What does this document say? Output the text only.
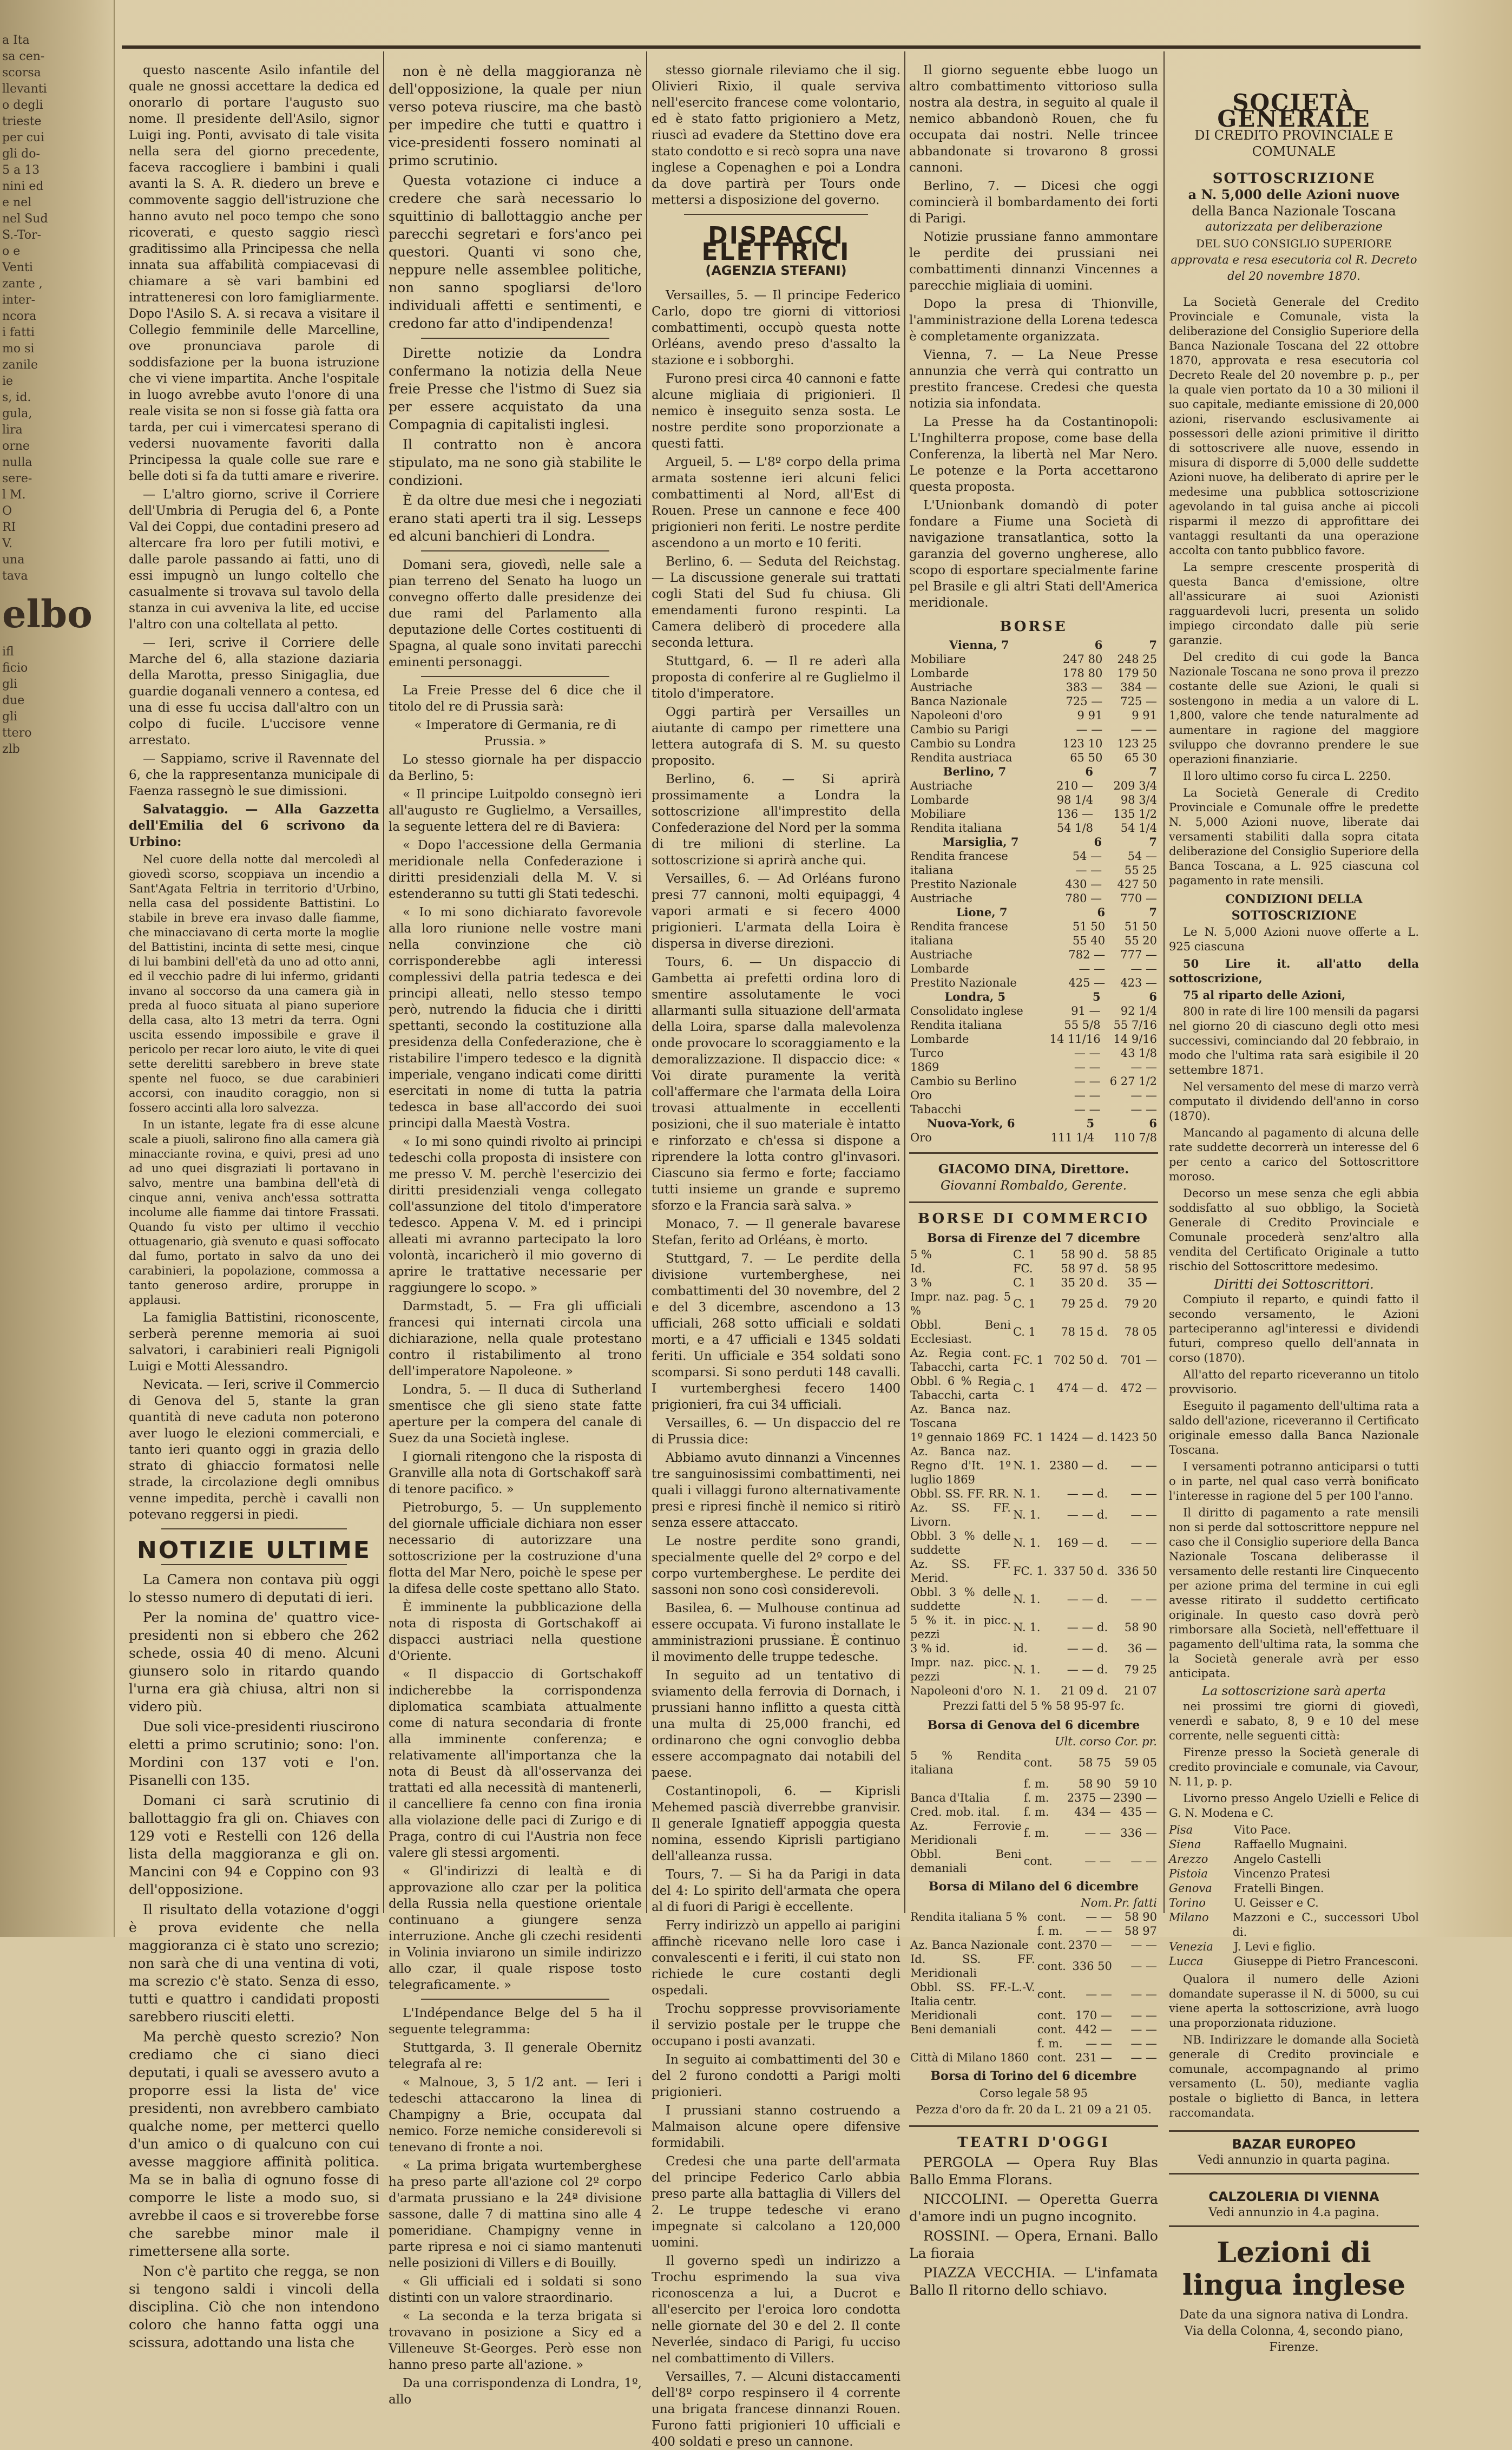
a Ita
sa cen-
scorsa
llevanti
o degli
trieste
per cui
gli do-
5 a 13
nini ed
e nel
nel Sud
S.-Tor-
o e
Venti
zante ,
inter-
ncora
i fatti
mo si
zanile
ie
s, id.
gula,
lira
orne
nulla
sere-
l M.
O
RI
V.
una
tava
elbo
ifl
ficio
gli
due
gli
ttero
zlb

questo nascente Asilo infantile del quale ne gnossi accettare la dedica ed onorarlo di portare l'augusto suo nome. Il presidente dell'Asilo, signor Luigi ing. Ponti, avvisato di tale visita nella sera del giorno precedente, faceva raccogliere i bambini i quali avanti la S. A. R. diedero un breve e commovente saggio dell'istruzione che hanno avuto nel poco tempo che sono ricoverati, e questo saggio riescì graditissimo alla Principessa che nella innata sua affabilità compiacevasi di chiamare a sè vari bambini ed intratteneresi con loro famigliarmente. Dopo l'Asilo S. A. si recava a visitare il Collegio femminile delle Marcelline, ove pronunciava parole di soddisfazione per la buona istruzione che vi viene impartita. Anche l'ospitale in luogo avrebbe avuto l'onore di una reale visita se non si fosse già fatta ora tarda, per cui i vimercatesi sperano di vedersi nuovamente favoriti dalla Principessa la quale colle sue rare e belle doti si fa da tutti amare e riverire.

— L'altro giorno, scrive il Corriere dell'Umbria di Perugia del 6, a Ponte Val dei Coppi, due contadini presero ad altercare fra loro per futili motivi, e dalle parole passando ai fatti, uno di essi impugnò un lungo coltello che casualmente si trovava sul tavolo della stanza in cui avveniva la lite, ed uccise l'altro con una coltellata al petto.

— Ieri, scrive il Corriere delle Marche del 6, alla stazione daziaria della Marotta, presso Sinigaglia, due guardie doganali vennero a contesa, ed una di esse fu uccisa dall'altro con un colpo di fucile. L'uccisore venne arrestato.

— Sappiamo, scrive il Ravennate del 6, che la rappresentanza municipale di Faenza rassegnò le sue dimissioni.

Salvataggio. — Alla Gazzetta dell'Emilia del 6 scrivono da Urbino:

Nel cuore della notte dal mercoledì al giovedì scorso, scoppiava un incendio a Sant'Agata Feltria in territorio d'Urbino, nella casa del possidente Battistini. Lo stabile in breve era invaso dalle fiamme, che minacciavano di certa morte la moglie del Battistini, incinta di sette mesi, cinque di lui bambini dell'età da uno ad otto anni, ed il vecchio padre di lui infermo, gridanti invano al soccorso da una camera già in preda al fuoco situata al piano superiore della casa, alto 13 metri da terra. Ogni uscita essendo impossibile e grave il pericolo per recar loro aiuto, le vite di quei sette derelitti sarebbero in breve state spente nel fuoco, se due carabinieri accorsi, con inaudito coraggio, non si fossero accinti alla loro salvezza.

In un istante, legate fra di esse alcune scale a piuoli, salirono fino alla camera già minacciante rovina, e quivi, presi ad uno ad uno quei disgraziati li portavano in salvo, mentre una bambina dell'età di cinque anni, veniva anch'essa sottratta incolume alle fiamme dai tintore Frassati. Quando fu visto per ultimo il vecchio ottuagenario, già svenuto e quasi soffocato dal fumo, portato in salvo da uno dei carabinieri, la popolazione, commossa a tanto generoso ardire, proruppe in applausi.

La famiglia Battistini, riconoscente, serberà perenne memoria ai suoi salvatori, i carabinieri reali Pignigoli Luigi e Motti Alessandro.

Nevicata. — Ieri, scrive il Commercio di Genova del 5, stante la gran quantità di neve caduta non poterono aver luogo le elezioni commerciali, e tanto ieri quanto oggi in grazia dello strato di ghiaccio formatosi nelle strade, la circolazione degli omnibus venne impedita, perchè i cavalli non potevano reggersi in piedi.

NOTIZIE ULTIME

La Camera non contava più oggi lo stesso numero di deputati di ieri.

Per la nomina de' quattro vice-presidenti non si ebbero che 262 schede, ossia 40 di meno. Alcuni giunsero solo in ritardo quando l'urna era già chiusa, altri non si videro più.

Due soli vice-presidenti riuscirono eletti a primo scrutinio; sono: l'on. Mordini con 137 voti e l'on. Pisanelli con 135.

Domani ci sarà scrutinio di ballottaggio fra gli on. Chiaves con 129 voti e Restelli con 126 della lista della maggioranza e gli on. Mancini con 94 e Coppino con 93 dell'opposizione.

Il risultato della votazione d'oggi è prova evidente che nella maggioranza ci è stato uno screzio; non sarà che di una ventina di voti, ma screzio c'è stato. Senza di esso, tutti e quattro i candidati proposti sarebbero riusciti eletti.

Ma perchè questo screzio? Non crediamo che ci siano dieci deputati, i quali se avessero avuto a proporre essi la lista de' vice presidenti, non avrebbero cambiato qualche nome, per metterci quello d'un amico o di qualcuno con cui avesse maggiore affinità politica. Ma se in balìa di ognuno fosse di comporre le liste a modo suo, si avrebbe il caos e si troverebbe forse che sarebbe minor male il rimettersene alla sorte.

Non c'è partito che regga, se non si tengono saldi i vincoli della disciplina. Ciò che non intendono coloro che hanno fatta oggi una scissura, adottando una lista che

non è nè della maggioranza nè dell'opposizione, la quale per niun verso poteva riuscire, ma che bastò per impedire che tutti e quattro i vice-presidenti fossero nominati al primo scrutinio.

Questa votazione ci induce a credere che sarà necessario lo squittinio di ballottaggio anche per parecchi segretari e fors'anco pei questori. Quanti vi sono che, neppure nelle assemblee politiche, non sanno spogliarsi de'loro individuali affetti e sentimenti, e credono far atto d'indipendenza!

Dirette notizie da Londra confermano la notizia della Neue freie Presse che l'istmo di Suez sia per essere acquistato da una Compagnia di capitalisti inglesi.

Il contratto non è ancora stipulato, ma ne sono già stabilite le condizioni.

È da oltre due mesi che i negoziati erano stati aperti tra il sig. Lesseps ed alcuni banchieri di Londra.

Domani sera, giovedì, nelle sale a pian terreno del Senato ha luogo un convegno offerto dalle presidenze dei due rami del Parlamento alla deputazione delle Cortes costituenti di Spagna, al quale sono invitati parecchi eminenti personaggi.

La Freie Presse del 6 dice che il titolo del re di Prussia sarà:

« Imperatore di Germania, re di Prussia. »

Lo stesso giornale ha per dispaccio da Berlino, 5:

« Il principe Luitpoldo consegnò ieri all'augusto re Guglielmo, a Versailles, la seguente lettera del re di Baviera:

« Dopo l'accessione della Germania meridionale nella Confederazione i diritti presidenziali della M. V. si estenderanno su tutti gli Stati tedeschi.

« Io mi sono dichiarato favorevole alla loro riunione nelle vostre mani nella convinzione che ciò corrisponderebbe agli interessi complessivi della patria tedesca e dei principi alleati, nello stesso tempo però, nutrendo la fiducia che i diritti spettanti, secondo la costituzione alla presidenza della Confederazione, che è ristabilire l'impero tedesco e la dignità imperiale, vengano indicati come diritti esercitati in nome di tutta la patria tedesca in base all'accordo dei suoi principi dalla Maestà Vostra.

« Io mi sono quindi rivolto ai principi tedeschi colla proposta di insistere con me presso V. M. perchè l'esercizio dei diritti presidenziali venga collegato coll'assunzione del titolo d'imperatore tedesco. Appena V. M. ed i principi alleati mi avranno partecipato la loro volontà, incaricherò il mio governo di aprire le trattative necessarie per raggiungere lo scopo. »

Darmstadt, 5. — Fra gli ufficiali francesi qui internati circola una dichiarazione, nella quale protestano contro il ristabilimento al trono dell'imperatore Napoleone. »

Londra, 5. — Il duca di Sutherland smentisce che gli sieno state fatte aperture per la compera del canale di Suez da una Società inglese.

I giornali ritengono che la risposta di Granville alla nota di Gortschakoff sarà di tenore pacifico. »

Pietroburgo, 5. — Un supplemento del giornale ufficiale dichiara non esser necessario di autorizzare una sottoscrizione per la costruzione d'una flotta del Mar Nero, poichè le spese per la difesa delle coste spettano allo Stato.

È imminente la pubblicazione della nota di risposta di Gortschakoff ai dispacci austriaci nella questione d'Oriente.

« Il dispaccio di Gortschakoff indicherebbe la corrispondenza diplomatica scambiata attualmente come di natura secondaria di fronte alla imminente conferenza; e relativamente all'importanza che la nota di Beust dà all'osservanza dei trattati ed alla necessità di mantenerli, il cancelliere fa cenno con fina ironia alla violazione delle paci di Zurigo e di Praga, contro di cui l'Austria non fece valere gli stessi argomenti.

« Gl'indirizzi di lealtà e di approvazione allo czar per la politica della Russia nella questione orientale continuano a giungere senza interruzione. Anche gli czechi residenti in Volinia inviarono un simile indirizzo allo czar, il quale rispose tosto telegraficamente. »

L'Indépendance Belge del 5 ha il seguente telegramma:

Stuttgarda, 3. Il generale Obernitz telegrafa al re:

« Malnoue, 3, 5 1/2 ant. — Ieri i tedeschi attaccarono la linea di Champigny a Brie, occupata dal nemico. Forze nemiche considerevoli si tenevano di fronte a noi.

« La prima brigata wurtemberghese ha preso parte all'azione col 2º corpo d'armata prussiano e la 24ª divisione sassone, dalle 7 di mattina sino alle 4 pomeridiane. Champigny venne in parte ripresa e noi ci siamo mantenuti nelle posizioni di Villers e di Bouilly.

« Gli ufficiali ed i soldati si sono distinti con un valore straordinario.

« La seconda e la terza brigata si trovavano in posizione a Sicy ed a Villeneuve St-Georges. Però esse non hanno preso parte all'azione. »

Da una corrispondenza di Londra, 1º, allo

stesso giornale rileviamo che il sig. Olivieri Rixio, il quale serviva nell'esercito francese come volontario, ed è stato fatto prigioniero a Metz, riuscì ad evadere da Stettino dove era stato condotto e si recò sopra una nave inglese a Copenaghen e poi a Londra da dove partirà per Tours onde mettersi a disposizione del governo.

DISPACCI ELETTRICI
(AGENZIA STEFANI)

Versailles, 5. — Il principe Federico Carlo, dopo tre giorni di vittoriosi combattimenti, occupò questa notte Orléans, avendo preso d'assalto la stazione e i sobborghi.

Furono presi circa 40 cannoni e fatte alcune migliaia di prigionieri. Il nemico è inseguito senza sosta. Le nostre perdite sono proporzionate a questi fatti.

Argueil, 5. — L'8º corpo della prima armata sostenne ieri alcuni felici combattimenti al Nord, all'Est di Rouen. Prese un cannone e fece 400 prigionieri non feriti. Le nostre perdite ascendono a un morto e 10 feriti.

Berlino, 6. — Seduta del Reichstag. — La discussione generale sui trattati cogli Stati del Sud fu chiusa. Gli emendamenti furono respinti. La Camera deliberò di procedere alla seconda lettura.

Stuttgard, 6. — Il re aderì alla proposta di conferire al re Guglielmo il titolo d'imperatore.

Oggi partirà per Versailles un aiutante di campo per rimettere una lettera autografa di S. M. su questo proposito.

Berlino, 6. — Si aprirà prossimamente a Londra la sottoscrizione all'imprestito della Confederazione del Nord per la somma di tre milioni di sterline. La sottoscrizione si aprirà anche qui.

Versailles, 6. — Ad Orléans furono presi 77 cannoni, molti equipaggi, 4 vapori armati e si fecero 4000 prigionieri. L'armata della Loira è dispersa in diverse direzioni.

Tours, 6. — Un dispaccio di Gambetta ai prefetti ordina loro di smentire assolutamente le voci allarmanti sulla situazione dell'armata della Loira, sparse dalla malevolenza onde provocare lo scoraggiamento e la demoralizzazione. Il dispaccio dice: « Voi dirate puramente la verità coll'affermare che l'armata della Loira trovasi attualmente in eccellenti posizioni, che il suo materiale è intatto e rinforzato e ch'essa si dispone a riprendere la lotta contro gl'invasori. Ciascuno sia fermo e forte; facciamo tutti insieme un grande e supremo sforzo e la Francia sarà salva. »

Monaco, 7. — Il generale bavarese Stefan, ferito ad Orléans, è morto.

Stuttgard, 7. — Le perdite della divisione vurtemberghese, nei combattimenti del 30 novembre, del 2 e del 3 dicembre, ascendono a 13 ufficiali, 268 sotto ufficiali e soldati morti, e a 47 ufficiali e 1345 soldati feriti. Un ufficiale e 354 soldati sono scomparsi. Si sono perduti 148 cavalli. I vurtemberghesi fecero 1400 prigionieri, fra cui 34 ufficiali.

Versailles, 6. — Un dispaccio del re di Prussia dice:

Abbiamo avuto dinnanzi a Vincennes tre sanguinosissimi combattimenti, nei quali i villaggi furono alternativamente presi e ripresi finchè il nemico si ritirò senza essere attaccato.

Le nostre perdite sono grandi, specialmente quelle del 2º corpo e del corpo vurtemberghese. Le perdite dei sassoni non sono così considerevoli.

Basilea, 6. — Mulhouse continua ad essere occupata. Vi furono installate le amministrazioni prussiane. È continuo il movimento delle truppe tedesche.

In seguito ad un tentativo di sviamento della ferrovia di Dornach, i prussiani hanno inflitto a questa città una multa di 25,000 franchi, ed ordinarono che ogni convoglio debba essere accompagnato dai notabili del paese.

Costantinopoli, 6. — Kiprisli Mehemed pascià diverrebbe granvisir. Il generale Ignatieff appoggia questa nomina, essendo Kiprisli partigiano dell'alleanza russa.

Tours, 7. — Si ha da Parigi in data del 4: Lo spirito dell'armata che opera al di fuori di Parigi è eccellente.

Ferry indirizzò un appello ai parigini affinchè ricevano nelle loro case i convalescenti e i feriti, il cui stato non richiede le cure costanti degli ospedali.

Trochu soppresse provvisoriamente il servizio postale per le truppe che occupano i posti avanzati.

In seguito ai combattimenti del 30 e del 2 furono condotti a Parigi molti prigionieri.

I prussiani stanno costruendo a Malmaison alcune opere difensive formidabili.

Credesi che una parte dell'armata del principe Federico Carlo abbia preso parte alla battaglia di Villers del 2. Le truppe tedesche vi erano impegnate si calcolano a 120,000 uomini.

Il governo spedì un indirizzo a Trochu esprimendo la sua viva riconoscenza a lui, a Ducrot e all'esercito per l'eroica loro condotta nelle giornate del 30 e del 2. Il conte Neverlée, sindaco di Parigi, fu ucciso nel combattimento di Villers.

Versailles, 7. — Alcuni distaccamenti dell'8º corpo respinsero il 4 corrente una brigata francese dinnanzi Rouen. Furono fatti prigionieri 10 ufficiali e 400 soldati e preso un cannone.

Il giorno seguente ebbe luogo un altro combattimento vittorioso sulla nostra ala destra, in seguito al quale il nemico abbandonò Rouen, che fu occupata dai nostri. Nelle trincee abbandonate si trovarono 8 grossi cannoni.

Berlino, 7. — Dicesi che oggi comincierà il bombardamento dei forti di Parigi.

Notizie prussiane fanno ammontare le perdite dei prussiani nei combattimenti dinnanzi Vincennes a parecchie migliaia di uomini.

Dopo la presa di Thionville, l'amministrazione della Lorena tedesca è completamente organizzata.

Vienna, 7. — La Neue Presse annunzia che verrà qui contratto un prestito francese. Credesi che questa notizia sia infondata.

La Presse ha da Costantinopoli: L'Inghilterra propose, come base della Conferenza, la libertà nel Mar Nero. Le potenze e la Porta accettarono questa proposta.

L'Unionbank domandò di poter fondare a Fiume una Società di navigazione transatlantica, sotto la garanzia del governo ungherese, allo scopo di esportare specialmente farine pel Brasile e gli altri Stati dell'America meridionale.

BORSE
Vienna, 7	6	7
Mobiliare	247 80	248 25
Lombarde	178 80	179 50
Austriache	383 —	384 —
Banca Nazionale	725 —	725 —
Napoleoni d'oro	9 91	9 91
Cambio su Parigi	— —	— —
Cambio su Londra	123 10	123 25
Rendita austriaca	65 50	65 30
Berlino, 7	6	7
Austriache	210 —	209 3/4
Lombarde	98 1/4	98 3/4
Mobiliare	136 —	135 1/2
Rendita italiana	54 1/8	54 1/4
Marsiglia, 7	6	7
Rendita francese	54 —	54 —
italiana	— —	55 25
Prestito Nazionale	430 —	427 50
Austriache	780 —	770 —
Lione, 7	6	7
Rendita francese	51 50	51 50
italiana	55 40	55 20
Austriache	782 —	777 —
Lombarde	— —	— —
Prestito Nazionale	425 —	423 —
Londra, 5	5	6
Consolidato inglese	91 —	92 1/4
Rendita italiana	55 5/8	55 7/16
Lombarde	14 11/16	14 9/16
Turco	— —	43 1/8
1869	— —	— —
Cambio su Berlino	— —	6 27 1/2
Oro	— —	— —
Tabacchi	— —	— —
Nuova-York, 6	5	6
Oro	111 1/4	110 7/8
GIACOMO DINA, Direttore.
Giovanni Rombaldo, Gerente.
BORSE DI COMMERCIO
Borsa di Firenze del 7 dicembre
5 %	C. 1	58 90 d.	58 85
Id.	FC.	58 97 d.	58 95
3 %	C. 1	35 20 d.	35 —
Impr. naz. pag. 5 %	C. 1	79 25 d.	79 20
Obbl. Beni Ecclesiast.	C. 1	78 15 d.	78 05
Az. Regia cont. Tabacchi, carta	FC. 1	702 50 d.	701 —
Obbl. 6 % Regia Tabacchi, carta	C. 1	474 — d.	472 —
Az. Banca naz. Toscana			
1º gennaio 1869	FC. 1	1424 — d.	1423 50
Az. Banca naz. Regno d'It. 1º luglio 1869	N. 1.	2380 — d.	— —
Obbl. SS. FF. RR.	N. 1.	— — d.	— —
Az. SS. FF. Livorn.	N. 1.	— — d.	— —
Obbl. 3 % delle suddette	N. 1.	169 — d.	— —
Az. SS. FF. Merid.	FC. 1.	337 50 d.	336 50
Obbl. 3 % delle suddette	N. 1.	— — d.	— —
5 % it. in picc. pezzi	N. 1.	— — d.	58 90
3 % id.	id.	— — d.	36 —
Impr. naz. picc. pezzi	N. 1.	— — d.	79 25
Napoleoni d'oro	N. 1.	21 09 d.	21 07
Prezzi fatti del 5 % 58 95-97 fc.
Borsa di Genova del 6 dicembre
		Ult. corso	Cor. pr.
5 % Rendita italiana	cont.	58 75	59 05
	f. m.	58 90	59 10
Banca d'Italia	f. m.	2375 —	2390 —
Cred. mob. ital.	f. m.	434 —	435 —
Az. Ferrovie Meridionali	f. m.	— —	336 —
Obbl. Beni demaniali	cont.	— —	— —
Borsa di Milano del 6 dicembre
		Nom.	Pr. fatti
Rendita italiana 5 %	cont.	— —	58 90
	f. m.	— —	58 97
Az. Banca Nazionale	cont.	2370 —	— —
Id. SS. FF. Meridionali	cont.	336 50	— —
Obbl. SS. FF.-L.-V. Italia centr.	cont.	— —	— —
Meridionali	cont.	170 —	— —
Beni demaniali	cont.	442 —	— —
	f. m.	— —	— —
Città di Milano 1860	cont.	231 —	— —
Borsa di Torino del 6 dicembre
Corso legale 58 95
Pezza d'oro da fr. 20 da L. 21 09 a 21 05.
TEATRI D'OGGI

PERGOLA — Opera Ruy Blas Ballo Emma Florans.

NICCOLINI. — Operetta Guerra d'amore indi un pugno incognito.

ROSSINI. — Opera, Ernani. Ballo La fioraia

PIAZZA VECCHIA. — L'infamata Ballo Il ritorno dello schiavo.

SOCIETÀ GENERALE
DI CREDITO PROVINCIALE E COMUNALE
SOTTOSCRIZIONE
a N. 5,000 delle Azioni nuove
della Banca Nazionale Toscana
autorizzata per deliberazione
DEL SUO CONSIGLIO SUPERIORE
approvata e resa esecutoria col R. Decreto del 20 novembre 1870.

La Società Generale del Credito Provinciale e Comunale, vista la deliberazione del Consiglio Superiore della Banca Nazionale Toscana del 22 ottobre 1870, approvata e resa esecutoria col Decreto Reale del 20 novembre p. p., per la quale vien portato da 10 a 30 milioni il suo capitale, mediante emissione di 20,000 azioni, riservando esclusivamente ai possessori delle azioni primitive il diritto di sottoscrivere alle nuove, essendo in misura di disporre di 5,000 delle suddette Azioni nuove, ha deliberato di aprire per le medesime una pubblica sottoscrizione agevolando in tal guisa anche ai piccoli risparmi il mezzo di approfittare dei vantaggi resultanti da una operazione accolta con tanto pubblico favore.

La sempre crescente prosperità di questa Banca d'emissione, oltre all'assicurare ai suoi Azionisti ragguardevoli lucri, presenta un solido impiego circondato dalle più serie garanzie.

Del credito di cui gode la Banca Nazionale Toscana ne sono prova il prezzo costante delle sue Azioni, le quali si sostengono in media a un valore di L. 1,800, valore che tende naturalmente ad aumentare in ragione del maggiore sviluppo che dovranno prendere le sue operazioni finanziarie.

Il loro ultimo corso fu circa L. 2250.

La Società Generale di Credito Provinciale e Comunale offre le predette N. 5,000 Azioni nuove, liberate dai versamenti stabiliti dalla sopra citata deliberazione del Consiglio Superiore della Banca Toscana, a L. 925 ciascuna col pagamento in rate mensili.

CONDIZIONI DELLA SOTTOSCRIZIONE

Le N. 5,000 Azioni nuove offerte a L. 925 ciascuna

50 Lire it. all'atto della sottoscrizione,

75 al riparto delle Azioni,

800 in rate di lire 100 mensili da pagarsi nel giorno 20 di ciascuno degli otto mesi successivi, cominciando dal 20 febbraio, in modo che l'ultima rata sarà esigibile il 20 settembre 1871.

Nel versamento del mese di marzo verrà computato il dividendo dell'anno in corso (1870).

Mancando al pagamento di alcuna delle rate suddette decorrerà un interesse del 6 per cento a carico del Sottoscrittore moroso.

Decorso un mese senza che egli abbia soddisfatto al suo obbligo, la Società Generale di Credito Provinciale e Comunale procederà senz'altro alla vendita del Certificato Originale a tutto rischio del Sottoscrittore medesimo.

Diritti dei Sottoscrittori.

Compiuto il reparto, e quindi fatto il secondo versamento, le Azioni parteciperanno agl'interessi e dividendi futuri, compreso quello dell'annata in corso (1870).

All'atto del reparto riceveranno un titolo provvisorio.

Eseguito il pagamento dell'ultima rata a saldo dell'azione, riceveranno il Certificato originale emesso dalla Banca Nazionale Toscana.

I versamenti potranno anticiparsi o tutti o in parte, nel qual caso verrà bonificato l'interesse in ragione del 5 per 100 l'anno.

Il diritto di pagamento a rate mensili non si perde dal sottoscrittore neppure nel caso che il Consiglio superiore della Banca Nazionale Toscana deliberasse il versamento delle restanti lire Cinquecento per azione prima del termine in cui egli avesse ritirato il suddetto certificato originale. In questo caso dovrà però rimborsare alla Società, nell'effettuare il pagamento dell'ultima rata, la somma che la Società generale avrà per esso anticipata.

La sottoscrizione sarà aperta

nei prossimi tre giorni di giovedì, venerdì e sabato, 8, 9 e 10 del mese corrente, nelle seguenti città:

Firenze presso la Società generale di credito provinciale e comunale, via Cavour, N. 11, p. p.

Livorno presso Angelo Uzielli e Felice di G. N. Modena e C.

Pisa	Vito Pace.
Siena	Raffaello Mugnaini.
Arezzo	Angelo Castelli
Pistoia	Vincenzo Pratesi
Genova	Fratelli Bingen.
Torino	U. Geisser e C.
Milano	Mazzoni e C., successori Ubol di.
Venezia	J. Levi e figlio.
Lucca	Giuseppe di Pietro Francesconi.

Qualora il numero delle Azioni domandate superasse il N. di 5000, su cui viene aperta la sottoscrizione, avrà luogo una proporzionata riduzione.

NB. Indirizzare le domande alla Società generale di Credito provinciale e comunale, accompagnando al primo versamento (L. 50), mediante vaglia postale o biglietto di Banca, in lettera raccomandata.

BAZAR EUROPEO
Vedi annunzio in quarta pagina.
CALZOLERIA DI VIENNA
Vedi annunzio in 4.a pagina.
Lezioni di lingua inglese

Date da una signora nativa di Londra. Via della Colonna, 4, secondo piano, Firenze.
